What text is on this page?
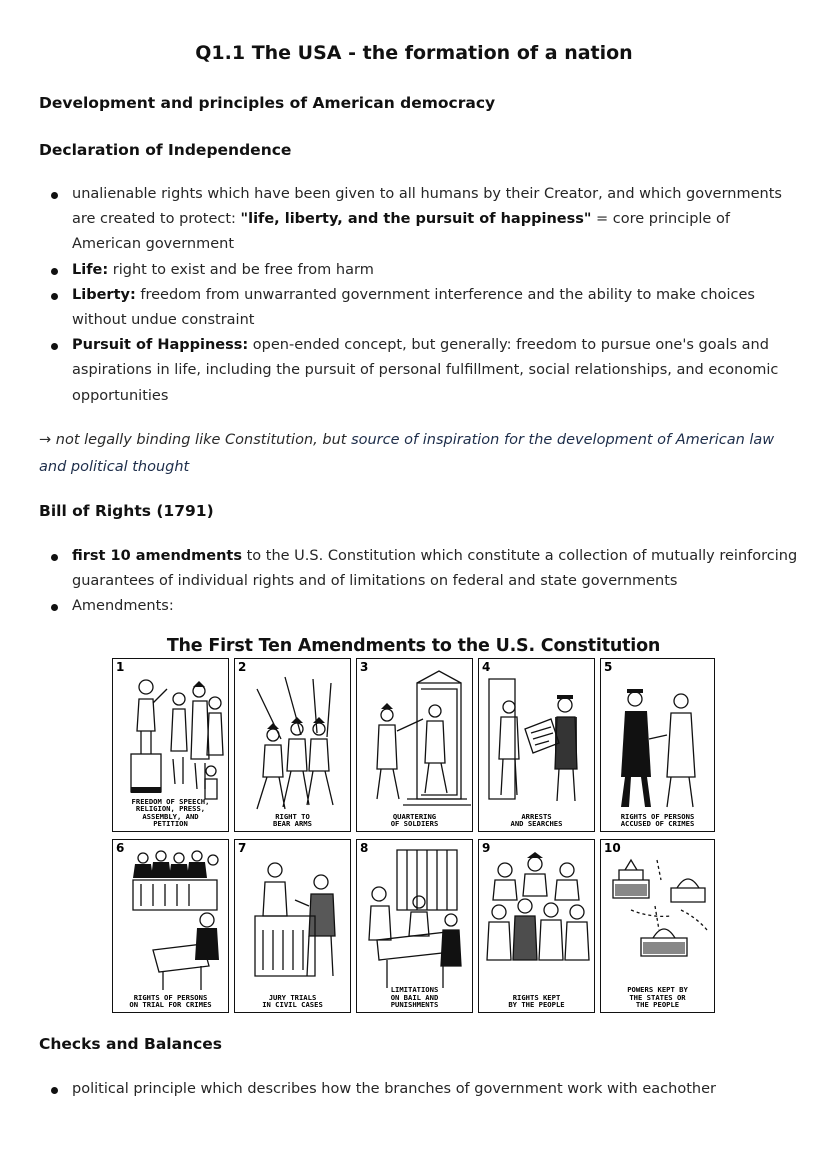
Q1.1 The USA - the formation of a nation

Development and principles of American democracy

Declaration of Independence

unalienable rights which have been given to all humans by their Creator, and which governments are created to protect: "life, liberty, and the pursuit of happiness" = core principle of American government
Life: right to exist and be free from harm
Liberty: freedom from unwarranted government interference and the ability to make choices without undue constraint
Pursuit of Happiness: open-ended concept, but generally: freedom to pursue one's goals and aspirations in life, including the pursuit of personal fulfillment, social relationships, and economic opportunities

→ not legally binding like Constitution, but source of inspiration for the development of American law and political thought

Bill of Rights (1791)

first 10 amendments to the U.S. Constitution which constitute a collection of mutually reinforcing guarantees of individual rights and of limitations on federal and state governments
Amendments:
The First Ten Amendments to the U.S. Constitution
1
FREEDOM OF SPEECH,
RELIGION, PRESS,
ASSEMBLY, AND
PETITION
2
RIGHT TO
BEAR ARMS
3
QUARTERING
OF SOLDIERS
4
ARRESTS
AND SEARCHES
5
RIGHTS OF PERSONS
ACCUSED OF CRIMES
6
RIGHTS OF PERSONS
ON TRIAL FOR CRIMES
7
JURY TRIALS
IN CIVIL CASES
8
LIMITATIONS
ON BAIL AND
PUNISHMENTS
9
RIGHTS KEPT
BY THE PEOPLE
10
POWERS KEPT BY
THE STATES OR
THE PEOPLE

Checks and Balances

political principle which describes how the branches of government work with eachother
